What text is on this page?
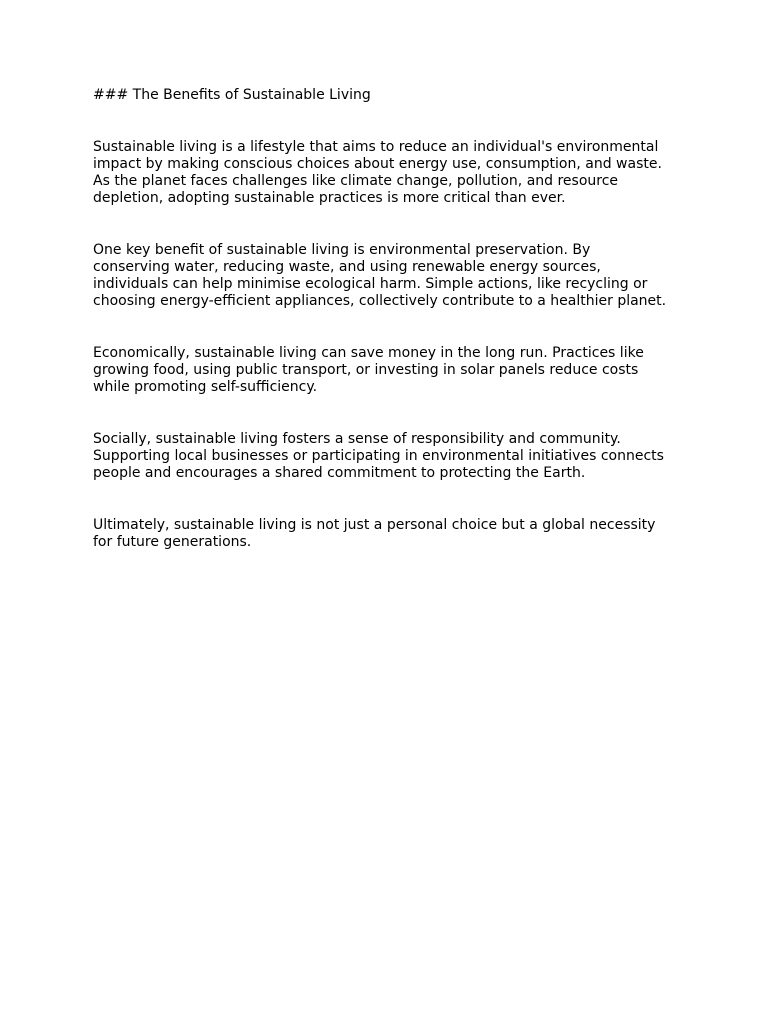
### The Benefits of Sustainable Living

Sustainable living is a lifestyle that aims to reduce an individual's environmental
impact by making conscious choices about energy use, consumption, and waste.
As the planet faces challenges like climate change, pollution, and resource
depletion, adopting sustainable practices is more critical than ever.

One key benefit of sustainable living is environmental preservation. By
conserving water, reducing waste, and using renewable energy sources,
individuals can help minimise ecological harm. Simple actions, like recycling or
choosing energy-efficient appliances, collectively contribute to a healthier planet.

Economically, sustainable living can save money in the long run. Practices like
growing food, using public transport, or investing in solar panels reduce costs
while promoting self-sufficiency.

Socially, sustainable living fosters a sense of responsibility and community.
Supporting local businesses or participating in environmental initiatives connects
people and encourages a shared commitment to protecting the Earth.

Ultimately, sustainable living is not just a personal choice but a global necessity
for future generations.
